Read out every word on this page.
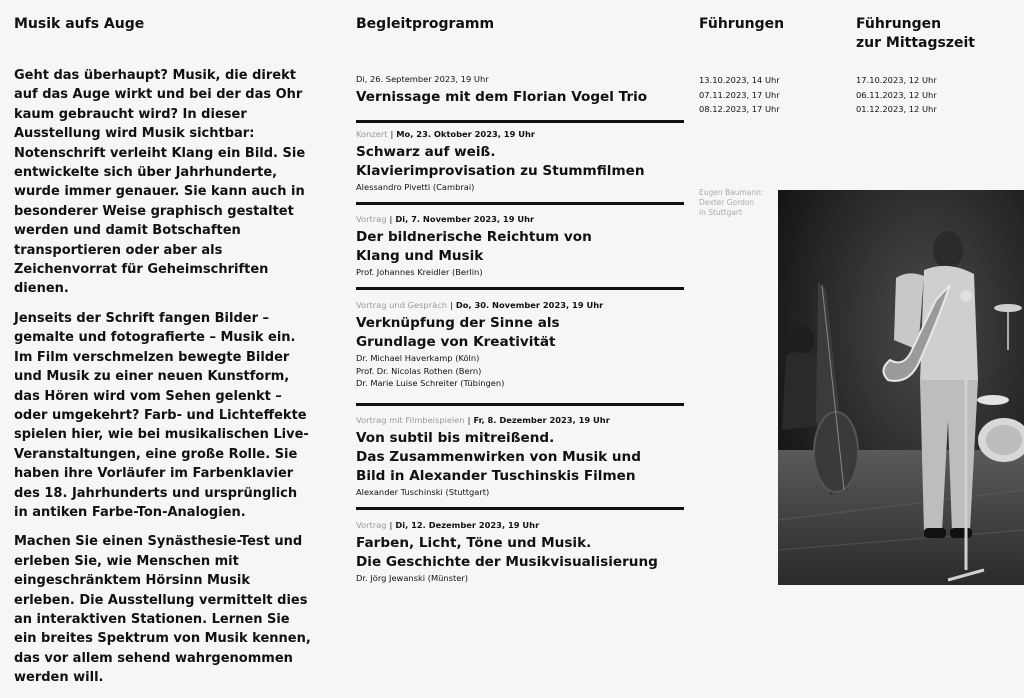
Musik aufs Auge

Geht das überhaupt? Musik, die direkt auf das Auge wirkt und bei der das Ohr kaum gebraucht wird? In dieser Ausstellung wird Musik sichtbar: Notenschrift verleiht Klang ein Bild. Sie entwickelte sich über Jahrhunderte, wurde immer genauer. Sie kann auch in besonderer Weise graphisch gestaltet werden und damit Botschaften transportieren oder aber als Zeichenvorrat für Geheimschriften dienen.

Jenseits der Schrift fangen Bilder – gemalte und fotografierte – Musik ein. Im Film verschmelzen bewegte Bilder und Musik zu einer neuen Kunstform, das Hören wird vom Sehen gelenkt – oder umgekehrt? Farb- und Lichteffekte spielen hier, wie bei musikalischen Live-Veranstaltungen, eine große Rolle. Sie haben ihre Vorläufer im Farbenklavier des 18. Jahrhunderts und ursprünglich in antiken Farbe-Ton-Analogien.

Machen Sie einen Synästhesie-Test und erleben Sie, wie Menschen mit eingeschränktem Hörsinn Musik erleben. Die Ausstellung vermittelt dies an interaktiven Stationen. Lernen Sie ein breites Spektrum von Musik kennen, das vor allem sehend wahrgenommen werden will.

Begleitprogramm
Di, 26. September 2023, 19 Uhr
Vernissage mit dem Florian Vogel Trio
Konzert | Mo, 23. Oktober 2023, 19 Uhr
Schwarz auf weiß.
Klavierimprovisation zu Stummfilmen
Alessandro Pivetti (Cambrai)
Vortrag | Di, 7. November 2023, 19 Uhr
Der bildnerische Reichtum von
Klang und Musik
Prof. Johannes Kreidler (Berlin)
Vortrag und Gespräch | Do, 30. November 2023, 19 Uhr
Verknüpfung der Sinne als
Grundlage von Kreativität
Dr. Michael Haverkamp (Köln)
Prof. Dr. Nicolas Rothen (Bern)
Dr. Marie Luise Schreiter (Tübingen)
Vortrag mit Filmbeispielen | Fr, 8. Dezember 2023, 19 Uhr
Von subtil bis mitreißend.
Das Zusammenwirken von Musik und
Bild in Alexander Tuschinskis Filmen
Alexander Tuschinski (Stuttgart)
Vortrag | Di, 12. Dezember 2023, 19 Uhr
Farben, Licht, Töne und Musik.
Die Geschichte der Musikvisualisierung
Dr. Jörg Jewanski (Münster)
Führungen
13.10.2023, 14 Uhr
07.11.2023, 17 Uhr
08.12.2023, 17 Uhr
Führungen
zur Mittagszeit
17.10.2023, 12 Uhr
06.11.2023, 12 Uhr
01.12.2023, 12 Uhr
Eugen Baumann:
Dexter Gordon
in Stuttgart
